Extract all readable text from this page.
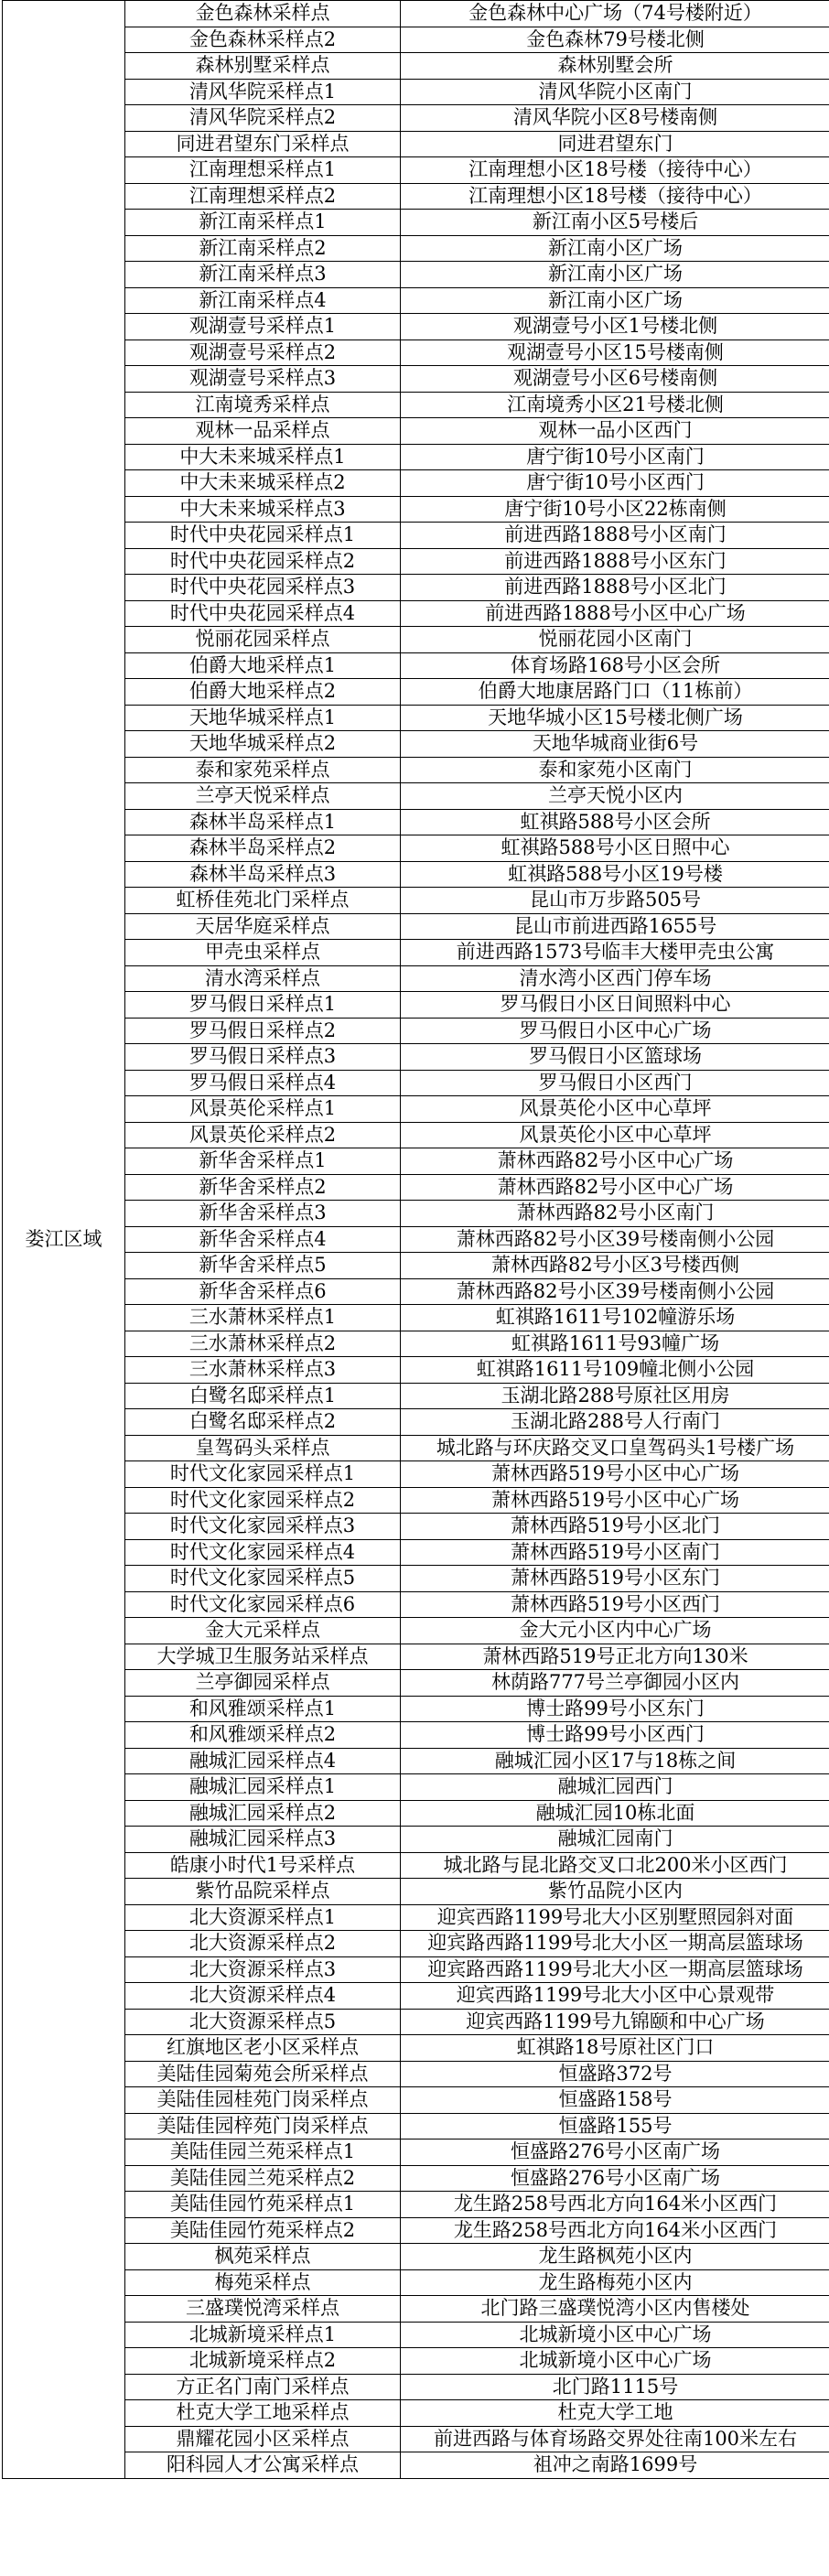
娄江区域	金色森林采样点	金色森林中心广场（74号楼附近）
	金色森林采样点2	金色森林79号楼北侧
	森林别墅采样点	森林别墅会所
	清风华院采样点1	清风华院小区南门
	清风华院采样点2	清风华院小区8号楼南侧
	同进君望东门采样点	同进君望东门
	江南理想采样点1	江南理想小区18号楼（接待中心）
	江南理想采样点2	江南理想小区18号楼（接待中心）
	新江南采样点1	新江南小区5号楼后
	新江南采样点2	新江南小区广场
	新江南采样点3	新江南小区广场
	新江南采样点4	新江南小区广场
	观湖壹号采样点1	观湖壹号小区1号楼北侧
	观湖壹号采样点2	观湖壹号小区15号楼南侧
	观湖壹号采样点3	观湖壹号小区6号楼南侧
	江南境秀采样点	江南境秀小区21号楼北侧
	观林一品采样点	观林一品小区西门
	中大未来城采样点1	唐宁街10号小区南门
	中大未来城采样点2	唐宁街10号小区西门
	中大未来城采样点3	唐宁街10号小区22栋南侧
	时代中央花园采样点1	前进西路1888号小区南门
	时代中央花园采样点2	前进西路1888号小区东门
	时代中央花园采样点3	前进西路1888号小区北门
	时代中央花园采样点4	前进西路1888号小区中心广场
	悦丽花园采样点	悦丽花园小区南门
	伯爵大地采样点1	体育场路168号小区会所
	伯爵大地采样点2	伯爵大地康居路门口（11栋前）
	天地华城采样点1	天地华城小区15号楼北侧广场
	天地华城采样点2	天地华城商业街6号
	泰和家苑采样点	泰和家苑小区南门
	兰亭天悦采样点	兰亭天悦小区内
	森林半岛采样点1	虹祺路588号小区会所
	森林半岛采样点2	虹祺路588号小区日照中心
	森林半岛采样点3	虹祺路588号小区19号楼
	虹桥佳苑北门采样点	昆山市万步路505号
	天居华庭采样点	昆山市前进西路1655号
	甲壳虫采样点	前进西路1573号临丰大楼甲壳虫公寓
	清水湾采样点	清水湾小区西门停车场
	罗马假日采样点1	罗马假日小区日间照料中心
	罗马假日采样点2	罗马假日小区中心广场
	罗马假日采样点3	罗马假日小区篮球场
	罗马假日采样点4	罗马假日小区西门
	风景英伦采样点1	风景英伦小区中心草坪
	风景英伦采样点2	风景英伦小区中心草坪
	新华舍采样点1	萧林西路82号小区中心广场
	新华舍采样点2	萧林西路82号小区中心广场
	新华舍采样点3	萧林西路82号小区南门
	新华舍采样点4	萧林西路82号小区39号楼南侧小公园
	新华舍采样点5	萧林西路82号小区3号楼西侧
	新华舍采样点6	萧林西路82号小区39号楼南侧小公园
	三水萧林采样点1	虹祺路1611号102幢游乐场
	三水萧林采样点2	虹祺路1611号93幢广场
	三水萧林采样点3	虹祺路1611号109幢北侧小公园
	白鹭名邸采样点1	玉湖北路288号原社区用房
	白鹭名邸采样点2	玉湖北路288号人行南门
	皇驾码头采样点	城北路与环庆路交叉口皇驾码头1号楼广场
	时代文化家园采样点1	萧林西路519号小区中心广场
	时代文化家园采样点2	萧林西路519号小区中心广场
	时代文化家园采样点3	萧林西路519号小区北门
	时代文化家园采样点4	萧林西路519号小区南门
	时代文化家园采样点5	萧林西路519号小区东门
	时代文化家园采样点6	萧林西路519号小区西门
	金大元采样点	金大元小区内中心广场
	大学城卫生服务站采样点	萧林西路519号正北方向130米
	兰亭御园采样点	林荫路777号兰亭御园小区内
	和风雅颂采样点1	博士路99号小区东门
	和风雅颂采样点2	博士路99号小区西门
	融城汇园采样点4	融城汇园小区17与18栋之间
	融城汇园采样点1	融城汇园西门
	融城汇园采样点2	融城汇园10栋北面
	融城汇园采样点3	融城汇园南门
	皓康小时代1号采样点	城北路与昆北路交叉口北200米小区西门
	紫竹品院采样点	紫竹品院小区内
	北大资源采样点1	迎宾西路1199号北大小区别墅照园斜对面
	北大资源采样点2	迎宾路西路1199号北大小区一期高层篮球场
	北大资源采样点3	迎宾路西路1199号北大小区一期高层篮球场
	北大资源采样点4	迎宾西路1199号北大小区中心景观带
	北大资源采样点5	迎宾西路1199号九锦颐和中心广场
	红旗地区老小区采样点	虹祺路18号原社区门口
	美陆佳园菊苑会所采样点	恒盛路372号
	美陆佳园桂苑门岗采样点	恒盛路158号
	美陆佳园梓苑门岗采样点	恒盛路155号
	美陆佳园兰苑采样点1	恒盛路276号小区南广场
	美陆佳园兰苑采样点2	恒盛路276号小区南广场
	美陆佳园竹苑采样点1	龙生路258号西北方向164米小区西门
	美陆佳园竹苑采样点2	龙生路258号西北方向164米小区西门
	枫苑采样点	龙生路枫苑小区内
	梅苑采样点	龙生路梅苑小区内
	三盛璞悦湾采样点	北门路三盛璞悦湾小区内售楼处
	北城新境采样点1	北城新境小区中心广场
	北城新境采样点2	北城新境小区中心广场
	方正名门南门采样点	北门路1115号
	杜克大学工地采样点	杜克大学工地
	鼎耀花园小区采样点	前进西路与体育场路交界处往南100米左右
	阳科园人才公寓采样点	祖冲之南路1699号
